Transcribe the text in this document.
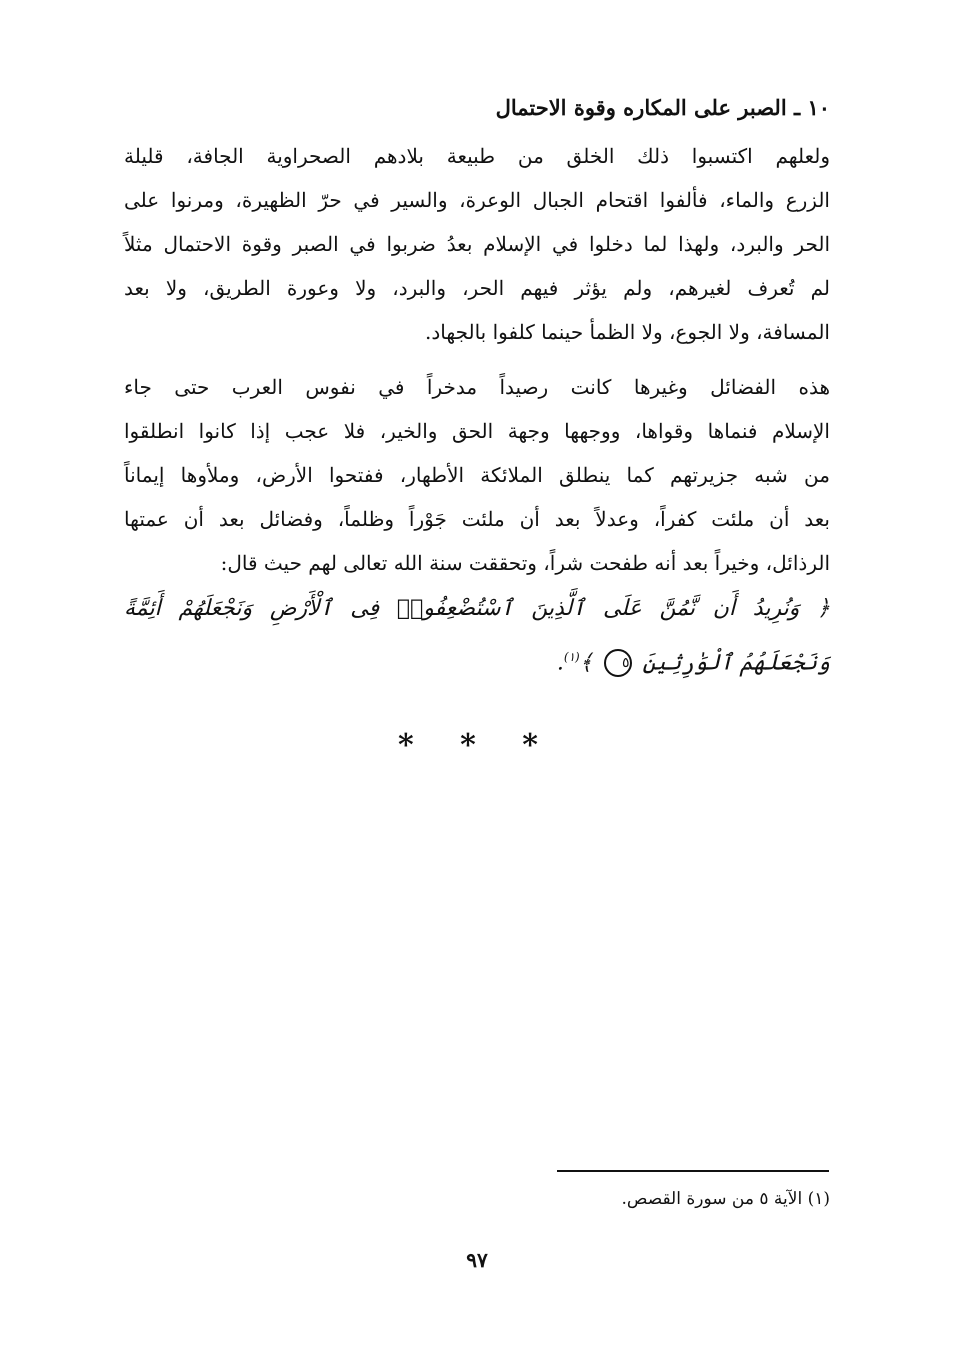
١٠ ـ الصبر على المكاره وقوة الاحتمال
ولعلهم اكتسبوا ذلك الخلق من طبيعة بلادهم الصحراوية الجافة، قليلة
الزرع والماء، فألفوا اقتحام الجبال الوعرة، والسير في حرّ الظهيرة، ومرنوا على
الحر والبرد، ولهذا لما دخلوا في الإسلام بعدُ ضربوا في الصبر وقوة الاحتمال مثلاً
لم تُعرف لغيرهم، ولم يؤثر فيهم الحر، والبرد، ولا وعورة الطريق، ولا بعد
المسافة، ولا الجوع، ولا الظمأ حينما كلفوا بالجهاد.
هذه الفضائل وغيرها كانت رصيداً مدخراً في نفوس العرب حتى جاء
الإسلام فنماها وقواها، ووجهها وجهة الحق والخير، فلا عجب إذا كانوا انطلقوا
من شبه جزيرتهم كما ينطلق الملائكة الأطهار، ففتحوا الأرض، وملأوها إيماناً
بعد أن ملئت كفراً، وعدلاً بعد أن ملئت جَوْراً وظلماً، وفضائل بعد أن عمتها
الرذائل، وخيراً بعد أنه طفحت شراً، وتحققت سنة الله تعالى لهم حيث قال:
﴿ وَنُرِيدُ أَن نَّمُنَّ عَلَى ٱلَّذِينَ ٱسْتُضْعِفُوا۟ فِى ٱلْأَرْضِ وَنَجْعَلَهُمْ أَئِمَّةً
وَنَجْعَلَهُمُ ٱلْوَٰرِثِينَ ٥ ﴾$^{(١)}$.
* * *
(١) الآية ٥ من سورة القصص.
٩٧
